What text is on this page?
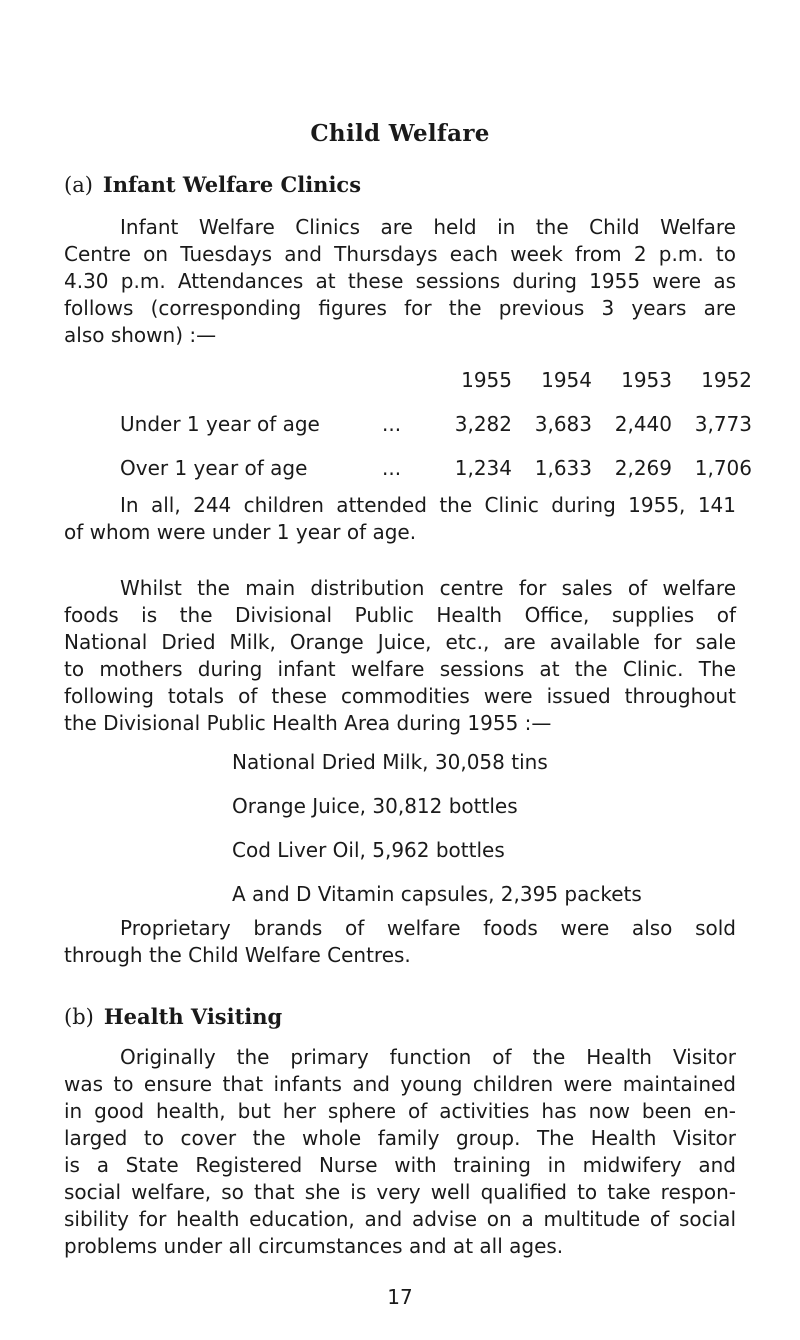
Child Welfare
(a) Infant Welfare Clinics
Infant Welfare Clinics are held in the Child Welfare
Centre on Tuesdays and Thursdays each week from 2 p.m. to
4.30 p.m. Attendances at these sessions during 1955 were as
follows (corresponding figures for the previous 3 years are
also shown) :—
		1955	1954	1953	1952
Under 1 year of age	...	3,282	3,683	2,440	3,773
Over 1 year of age	...	1,234	1,633	2,269	1,706
In all, 244 children attended the Clinic during 1955, 141
of whom were under 1 year of age.
Whilst the main distribution centre for sales of welfare
foods is the Divisional Public Health Office, supplies of
National Dried Milk, Orange Juice, etc., are available for sale
to mothers during infant welfare sessions at the Clinic. The
following totals of these commodities were issued throughout
the Divisional Public Health Area during 1955 :—
National Dried Milk, 30,058 tins
Orange Juice, 30,812 bottles
Cod Liver Oil, 5,962 bottles
A and D Vitamin capsules, 2,395 packets
Proprietary brands of welfare foods were also sold
through the Child Welfare Centres.
(b) Health Visiting
Originally the primary function of the Health Visitor
was to ensure that infants and young children were maintained
in good health, but her sphere of activities has now been en-
larged to cover the whole family group. The Health Visitor
is a State Registered Nurse with training in midwifery and
social welfare, so that she is very well qualified to take respon-
sibility for health education, and advise on a multitude of social
problems under all circumstances and at all ages.
17
